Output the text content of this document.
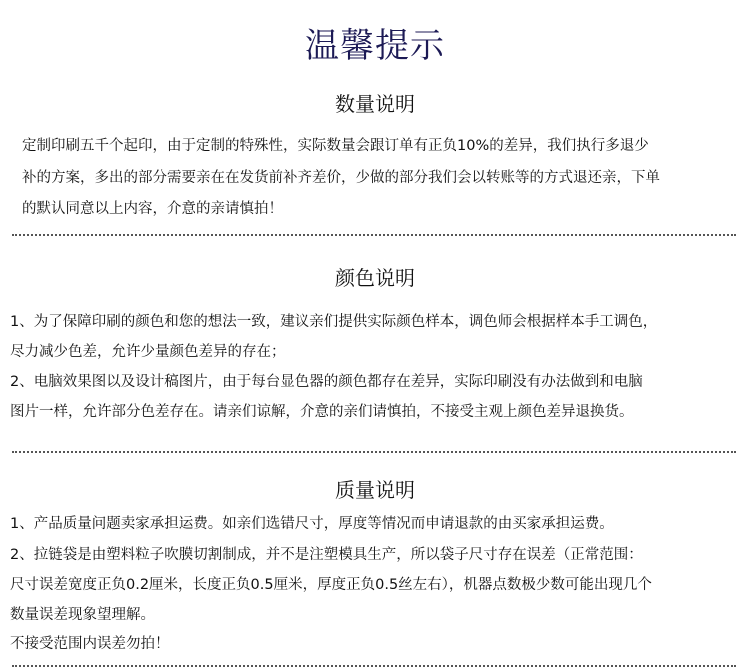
温馨提示
数量说明
定制印刷五千个起印，由于定制的特殊性，实际数量会跟订单有正负10%的差异，我们执行多退少
补的方案，多出的部分需要亲在在发货前补齐差价，少做的部分我们会以转账等的方式退还亲，下单
的默认同意以上内容，介意的亲请慎拍！
颜色说明
1、为了保障印刷的颜色和您的想法一致，建议亲们提供实际颜色样本，调色师会根据样本手工调色，
尽力减少色差，允许少量颜色差异的存在；
2、电脑效果图以及设计稿图片，由于每台显色器的颜色都存在差异，实际印刷没有办法做到和电脑
图片一样，允许部分色差存在。请亲们谅解，介意的亲们请慎拍，不接受主观上颜色差异退换货。
质量说明
1、产品质量问题卖家承担运费。如亲们选错尺寸，厚度等情况而申请退款的由买家承担运费。
2、拉链袋是由塑料粒子吹膜切割制成，并不是注塑模具生产，所以袋子尺寸存在误差（正常范围：
尺寸误差宽度正负0.2厘米，长度正负0.5厘米，厚度正负0.5丝左右），机器点数极少数可能出现几个
数量误差现象望理解。
不接受范围内误差勿拍！
